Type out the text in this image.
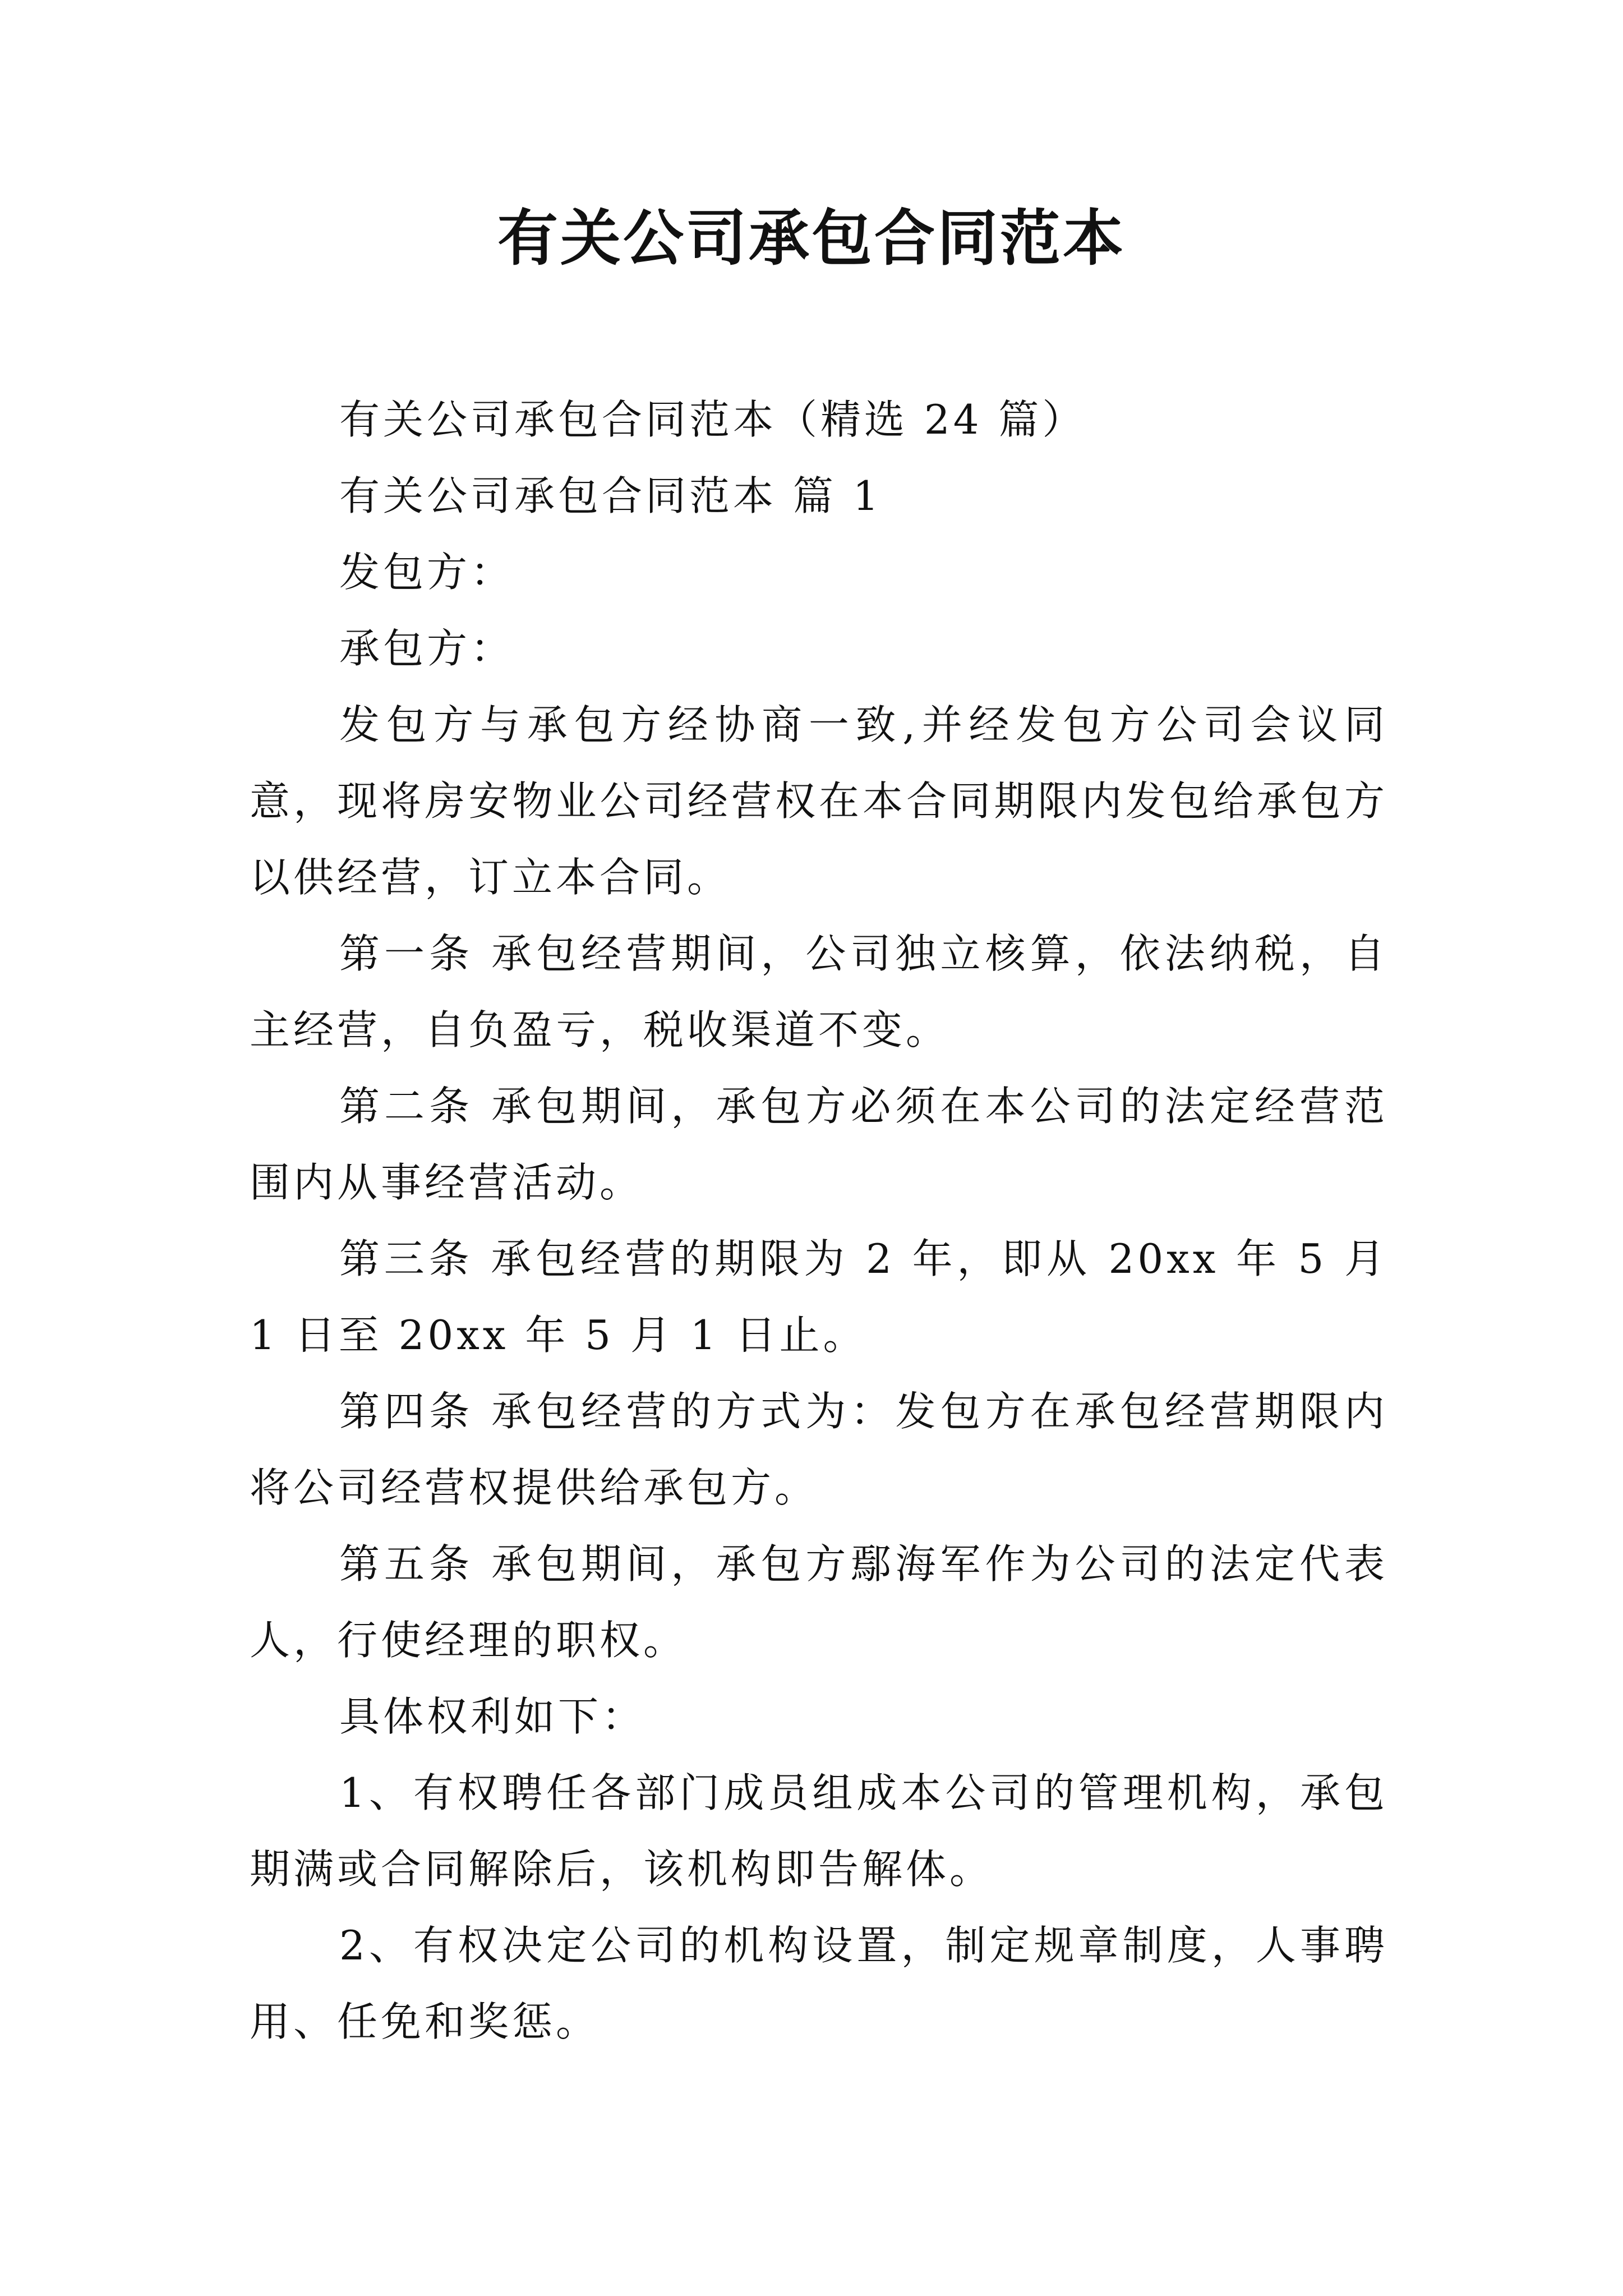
有关公司承包合同范本

有关公司承包合同范本（精选 24 篇）

有关公司承包合同范本 篇 1

发包方：

承包方：

发包方与承包方经协商一致,并经发包方公司会议同意，现将房安物业公司经营权在本合同期限内发包给承包方以供经营，订立本合同。

第一条 承包经营期间，公司独立核算，依法纳税，自主经营，自负盈亏，税收渠道不变。

第二条 承包期间，承包方必须在本公司的法定经营范围内从事经营活动。

第三条 承包经营的期限为 2 年，即从 20xx 年 5 月 1 日至 20xx 年 5 月 1 日止。

第四条 承包经营的方式为：发包方在承包经营期限内将公司经营权提供给承包方。

第五条 承包期间，承包方鄢海军作为公司的法定代表人，行使经理的职权。

具体权利如下：

1、有权聘任各部门成员组成本公司的管理机构，承包期满或合同解除后，该机构即告解体。

2、有权决定公司的机构设置，制定规章制度，人事聘用、任免和奖惩。
